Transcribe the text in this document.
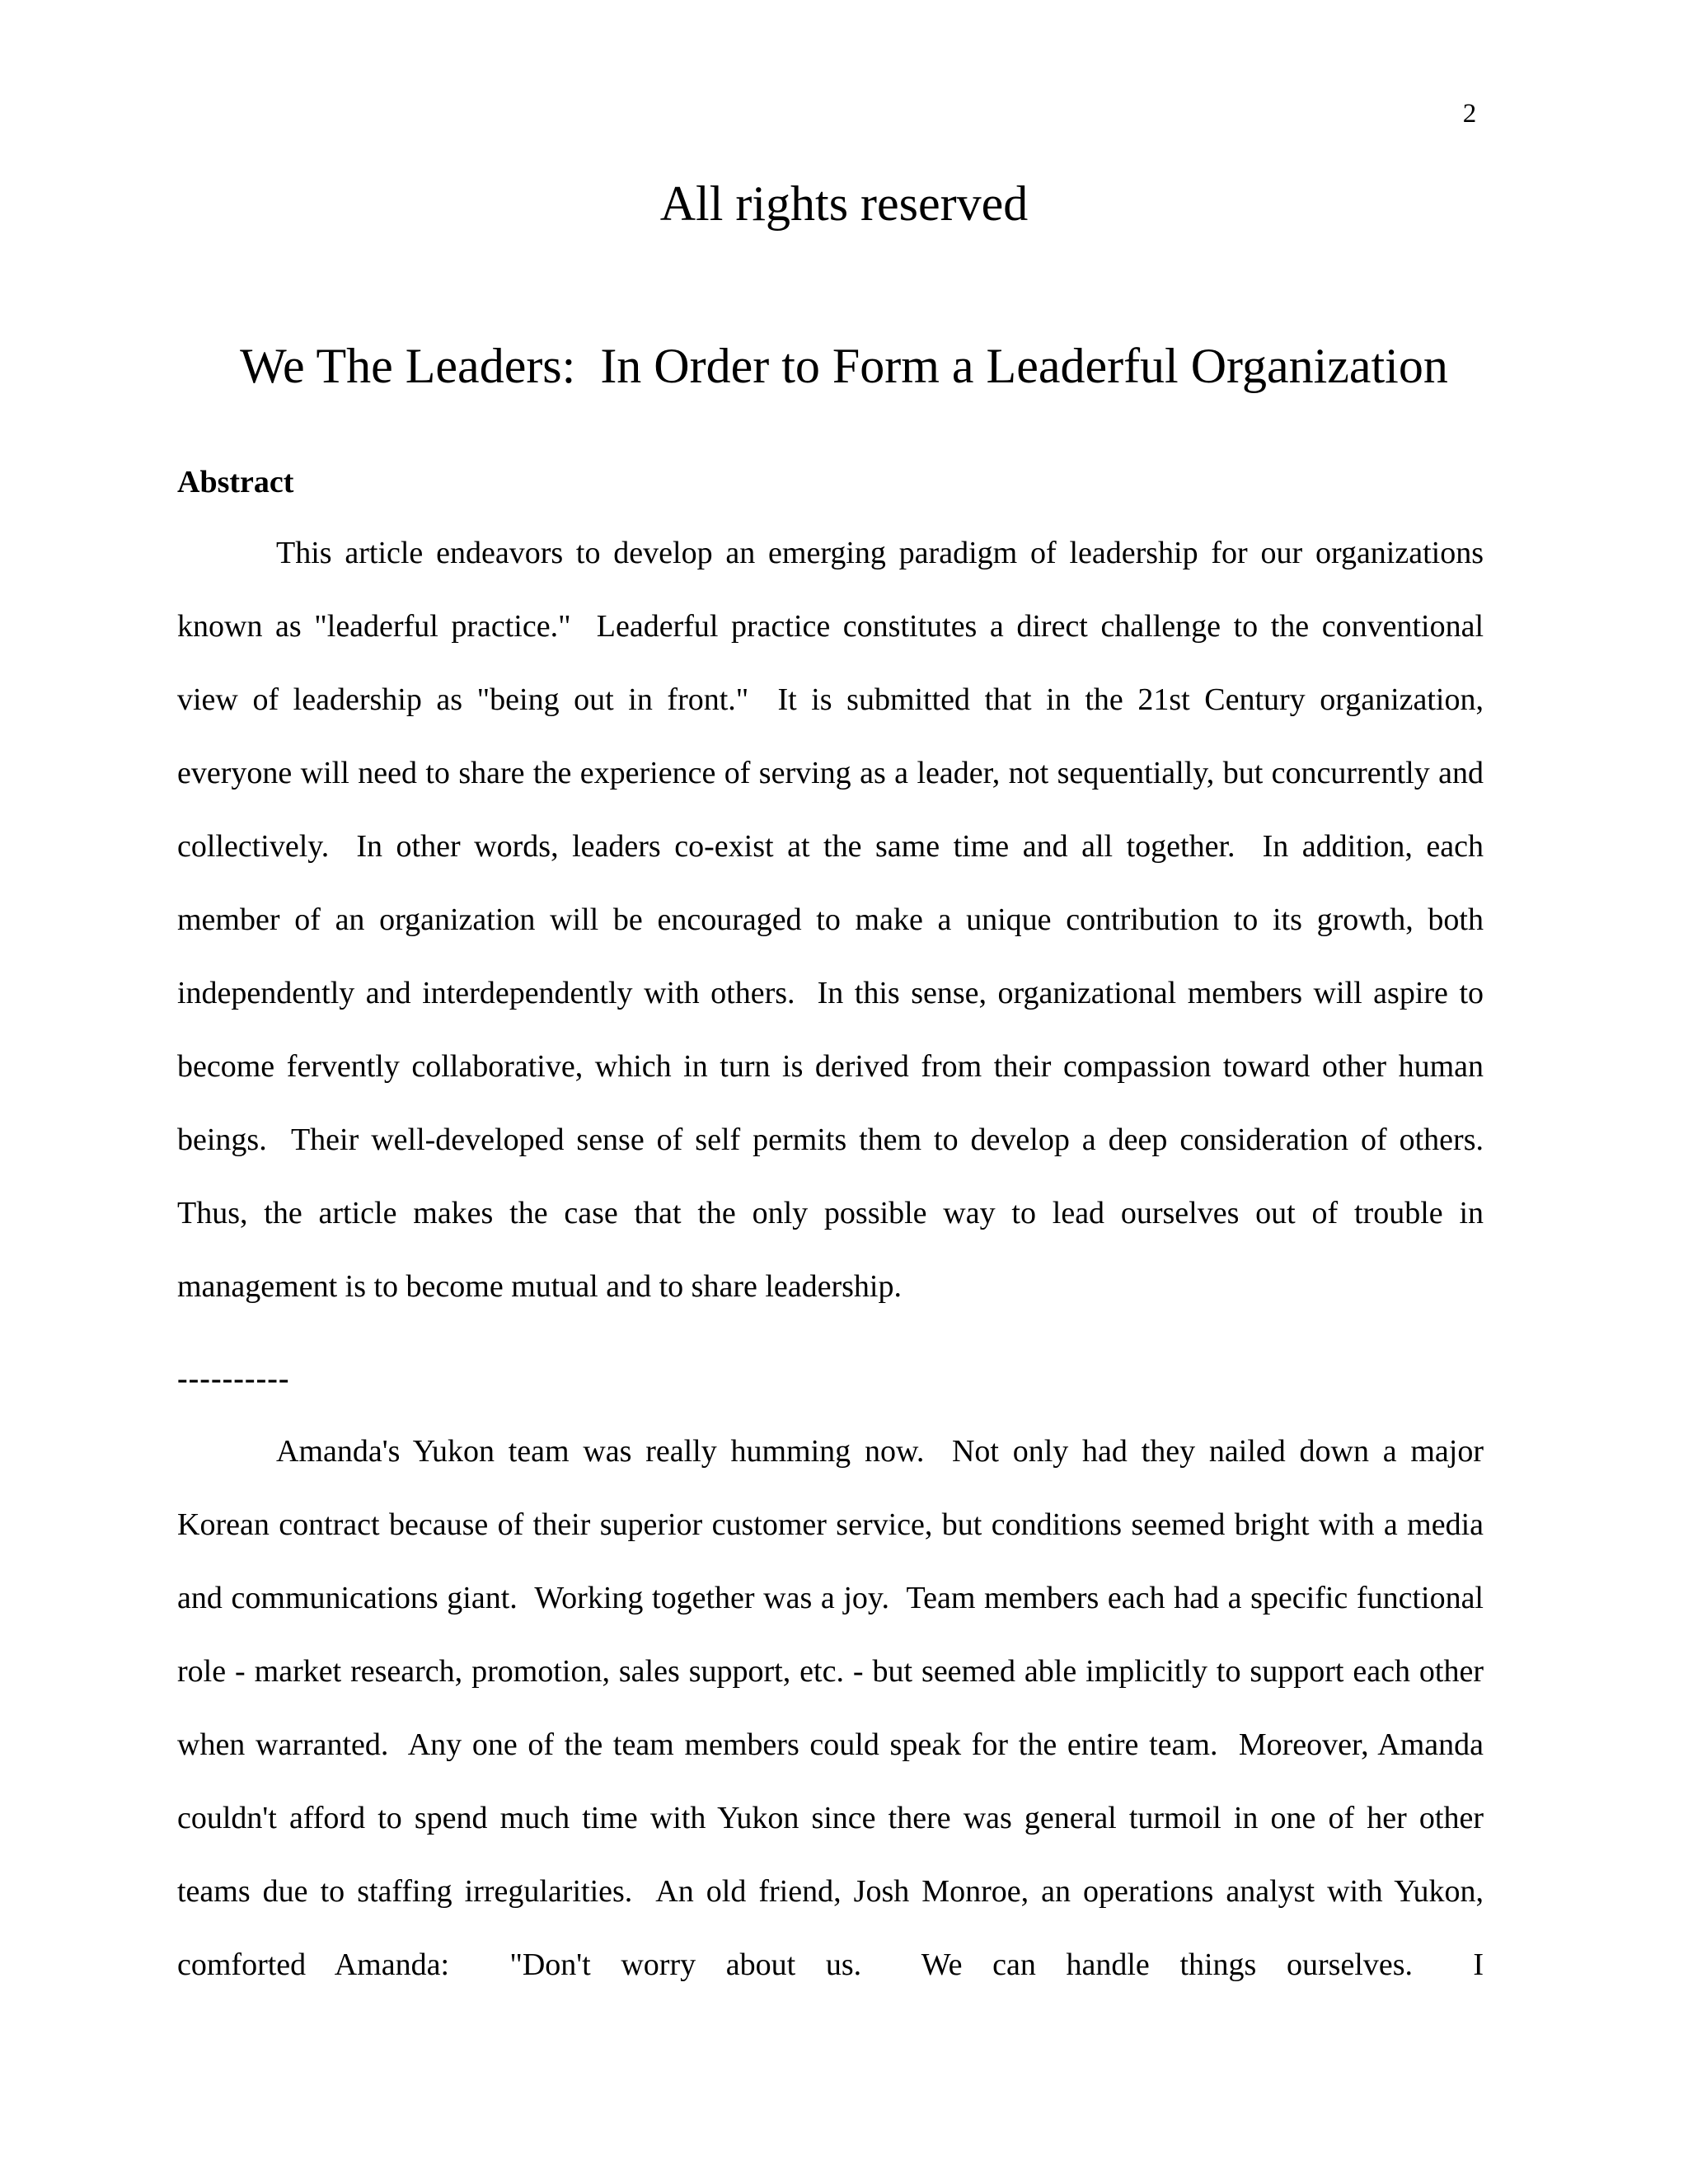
2
All rights reserved
We The Leaders:  In Order to Form a Leaderful Organization
Abstract

This article endeavors to develop an emerging paradigm of leadership for our organizations known as "leaderful practice."  Leaderful practice constitutes a direct challenge to the conventional view of leadership as "being out in front."  It is submitted that in the 21st Century organization, everyone will need to share the experience of serving as a leader, not sequentially, but concurrently and collectively.  In other words, leaders co-exist at the same time and all together.  In addition, each member of an organization will be encouraged to make a unique contribution to its growth, both independently and interdependently with others.  In this sense, organizational members will aspire to become fervently collaborative, which in turn is derived from their compassion toward other human beings.  Their well-developed sense of self permits them to develop a deep consideration of others.  Thus, the article makes the case that the only possible way to lead ourselves out of trouble in management is to become mutual and to share leadership.

----------

Amanda's Yukon team was really humming now.  Not only had they nailed down a major Korean contract because of their superior customer service, but conditions seemed bright with a media and communications giant.  Working together was a joy.  Team members each had a specific functional role - market research, promotion, sales support, etc. - but seemed able implicitly to support each other when warranted.  Any one of the team members could speak for the entire team.  Moreover, Amanda couldn't afford to spend much time with Yukon since there was general turmoil in one of her other teams due to staffing irregularities.  An old friend, Josh Monroe, an operations analyst with Yukon, comforted Amanda:  "Don't worry about us.  We can handle things ourselves.  I
